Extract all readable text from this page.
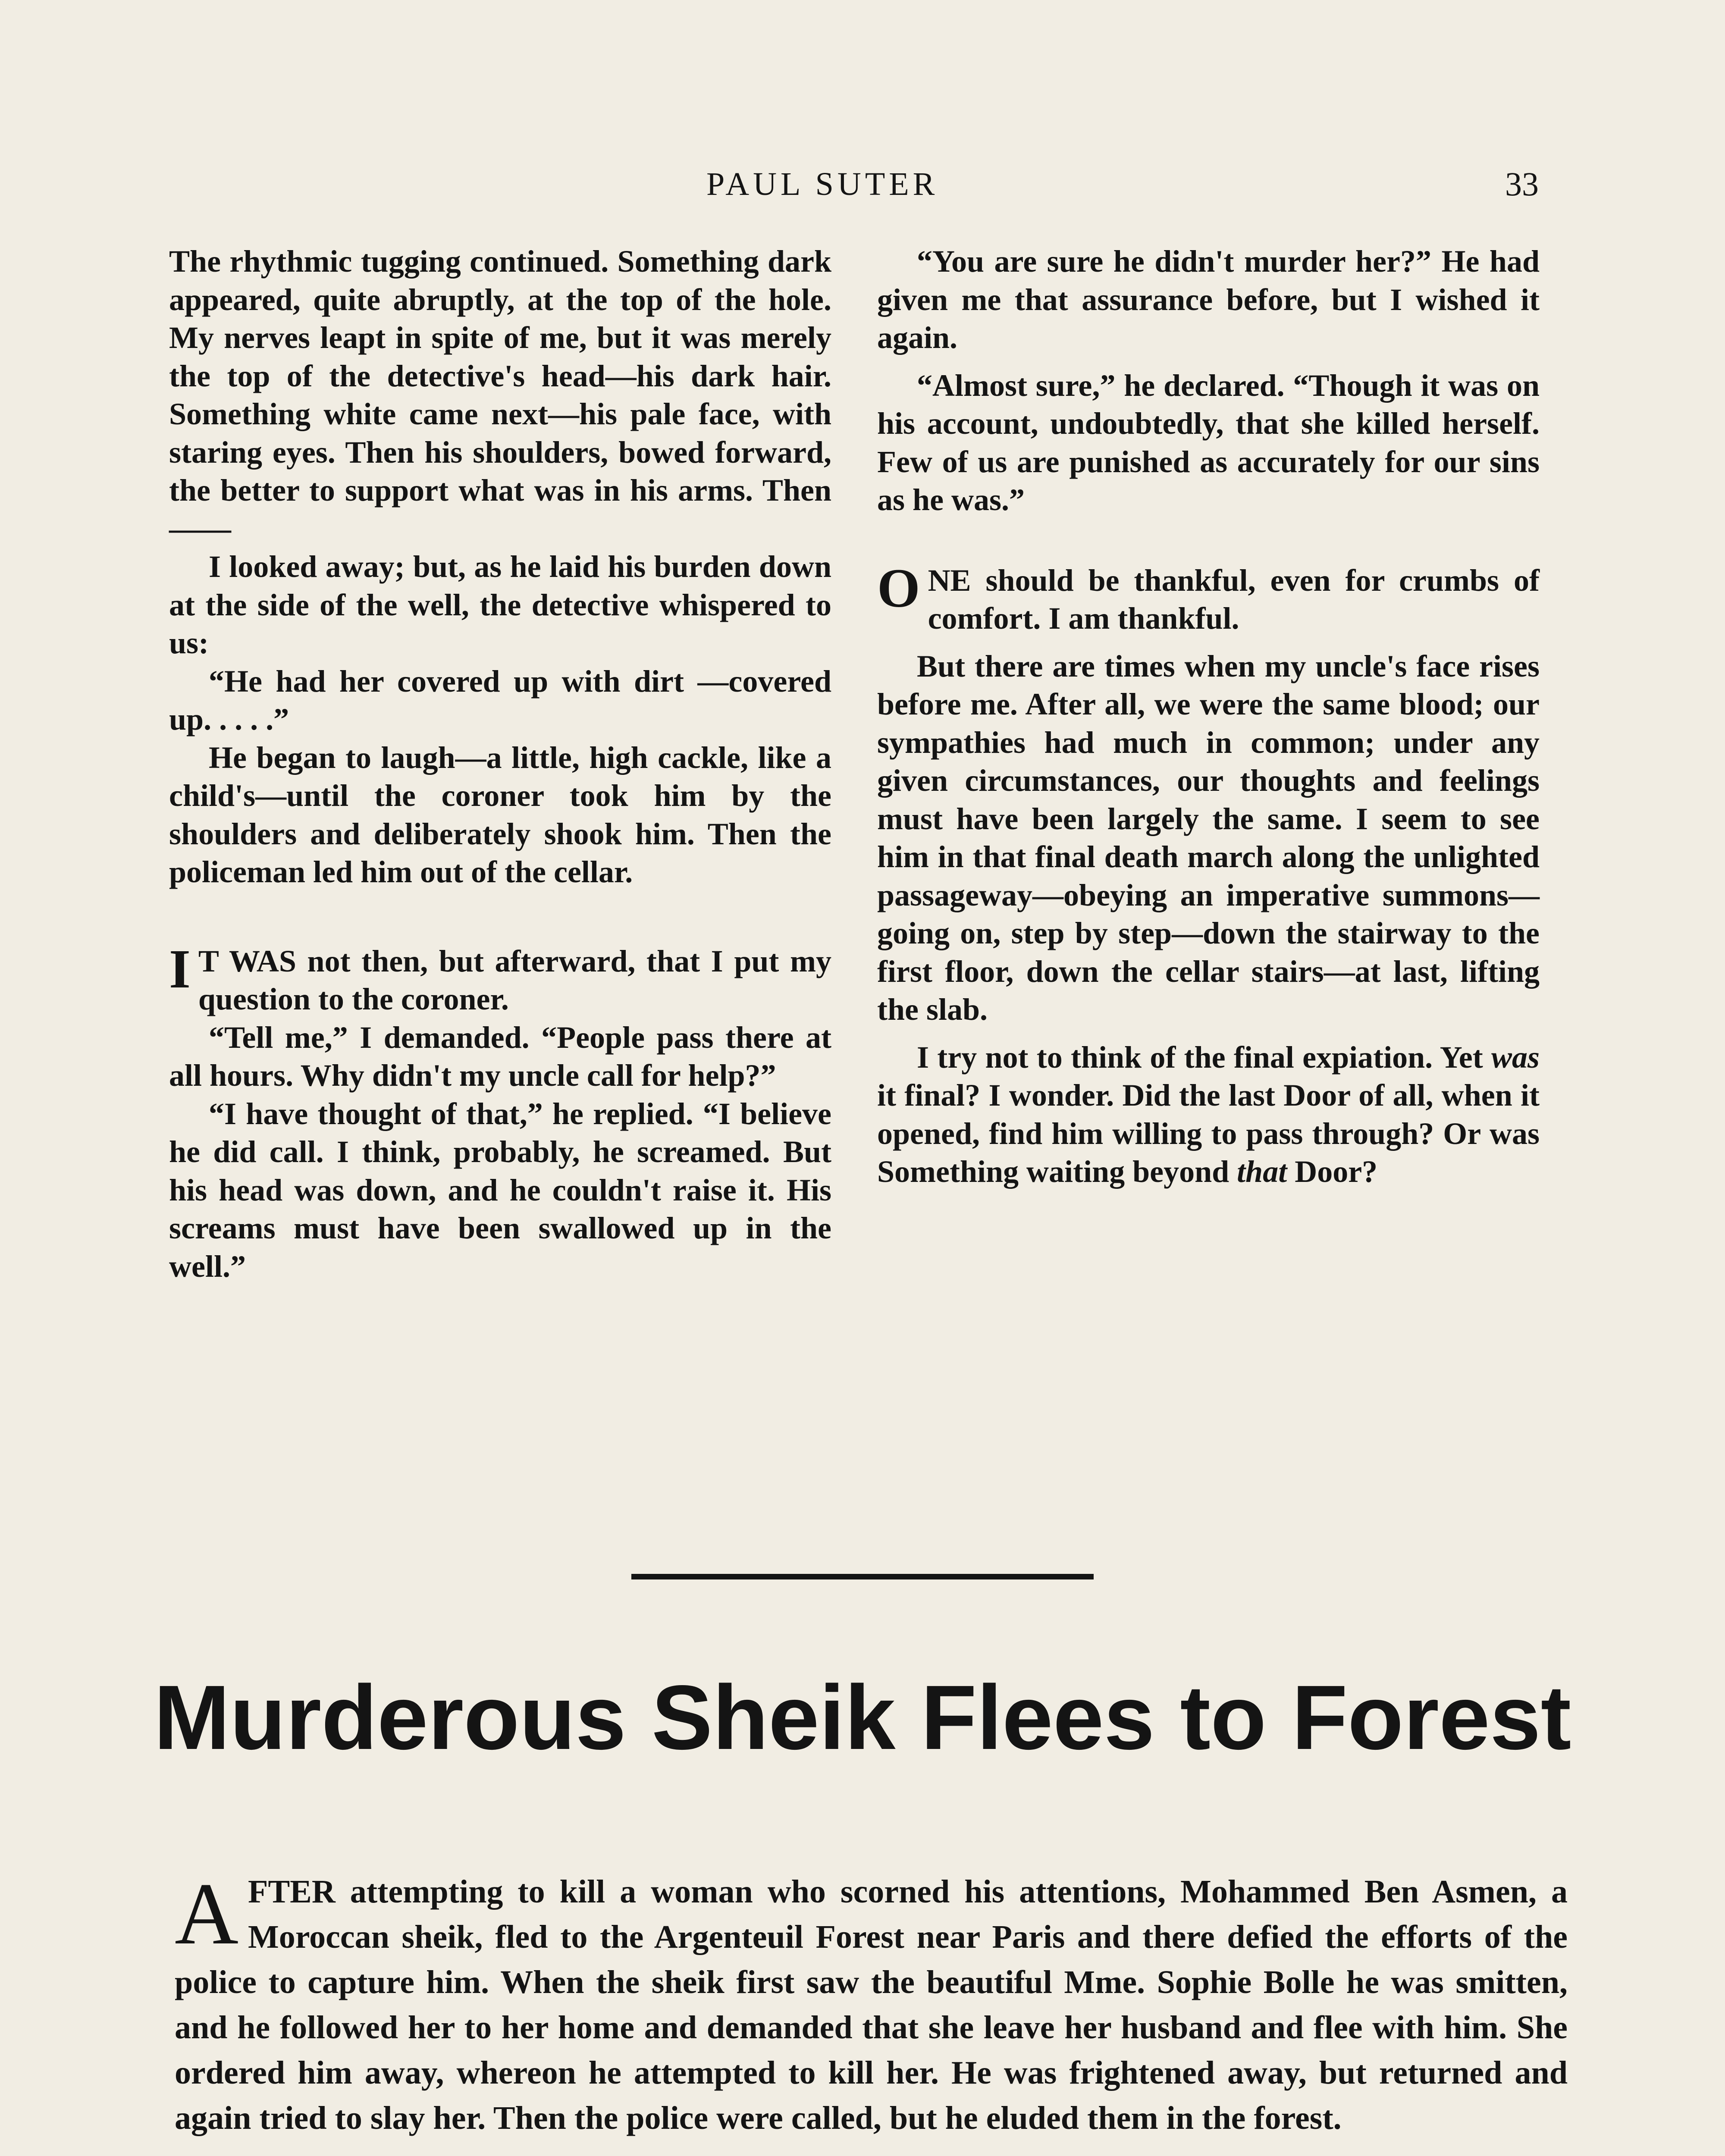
PAUL SUTER	33

The rhythmic tugging continued. Something dark appeared, quite abruptly, at the top of the hole. My nerves leapt in spite of me, but it was merely the top of the detective's head—his dark hair. Something white came next—his pale face, with staring eyes. Then his shoulders, bowed forward, the better to support what was in his arms. Then——

I looked away; but, as he laid his burden down at the side of the well, the detective whispered to us:

“He had her covered up with dirt —covered up. . . . .”

He began to laugh—a little, high cackle, like a child's—until the coroner took him by the shoulders and deliberately shook him. Then the policeman led him out of the cellar.

I T WAS not then, but afterward, that I put my question to the coroner.

“Tell me,” I demanded. “People pass there at all hours. Why didn't my uncle call for help?”

“I have thought of that,” he replied. “I believe he did call. I think, probably, he screamed. But his head was down, and he couldn't raise it. His screams must have been swallowed up in the well.”

“You are sure he didn't murder her?” He had given me that assurance before, but I wished it again.

“Almost sure,” he declared. “Though it was on his account, undoubtedly, that she killed herself. Few of us are punished as accurately for our sins as he was.”

ONE should be thankful, even for crumbs of comfort. I am thankful.

But there are times when my uncle's face rises before me. After all, we were the same blood; our sympathies had much in common; under any given circumstances, our thoughts and feelings must have been largely the same. I seem to see him in that final death march along the unlighted passageway—obeying an imperative summons—going on, step by step—down the stairway to the first floor, down the cellar stairs—at last, lifting the slab.

I try not to think of the final expiation. Yet was it final? I wonder. Did the last Door of all, when it opened, find him willing to pass through? Or was Something waiting beyond that Door?

Murderous Sheik Flees to Forest

AFTER attempting to kill a woman who scorned his attentions, Mohammed Ben Asmen, a Moroccan sheik, fled to the Argenteuil Forest near Paris and there defied the efforts of the police to capture him. When the sheik first saw the beautiful Mme. Sophie Bolle he was smitten, and he followed her to her home and demanded that she leave her husband and flee with him. She ordered him away, whereon he attempted to kill her. He was frightened away, but returned and again tried to slay her. Then the police were called, but he eluded them in the forest.
